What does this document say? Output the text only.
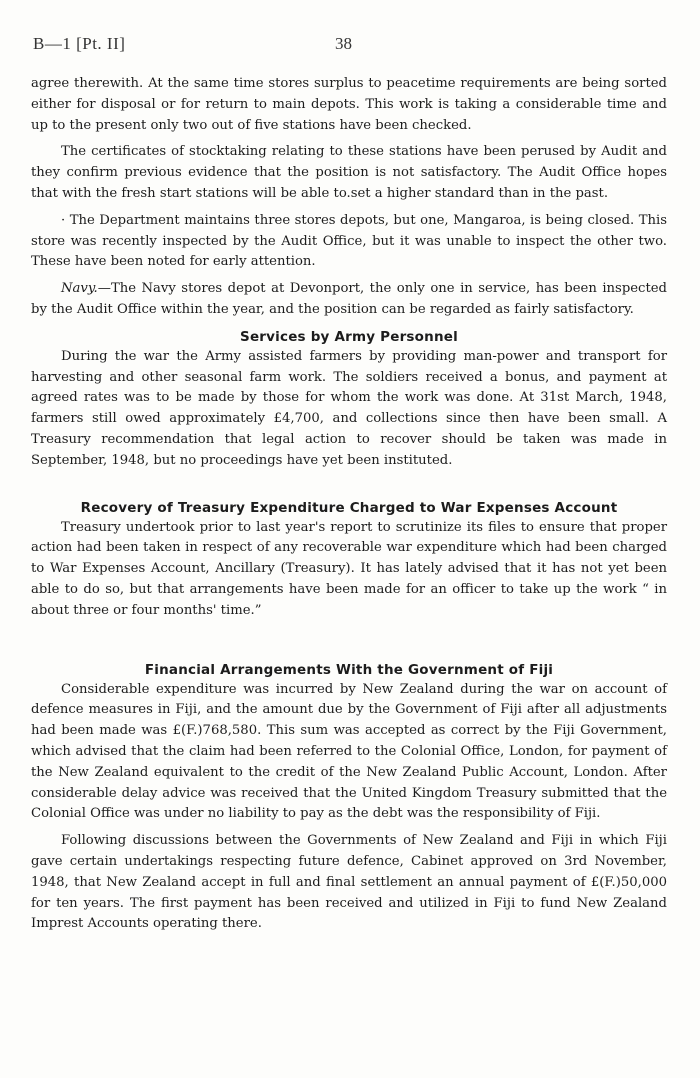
B—1 [Pt. II]	38

agree therewith. At the same time stores surplus to peacetime requirements are being sorted either for disposal or for return to main depots. This work is taking a considerable time and up to the present only two out of five stations have been checked.

The certificates of stocktaking relating to these stations have been perused by Audit and they confirm previous evidence that the position is not satisfactory. The Audit Office hopes that with the fresh start stations will be able to.set a higher standard than in the past.

· The Department maintains three stores depots, but one, Mangaroa, is being closed. This store was recently inspected by the Audit Office, but it was unable to inspect the other two. These have been noted for early attention.

Navy.—The Navy stores depot at Devonport, the only one in service, has been inspected by the Audit Office within the year, and the position can be regarded as fairly satisfactory.

Services by Army Personnel

During the war the Army assisted farmers by providing man-power and transport for harvesting and other seasonal farm work. The soldiers received a bonus, and payment at agreed rates was to be made by those for whom the work was done. At 31st March, 1948, farmers still owed approximately £4,700, and collections since then have been small. A Treasury recommendation that legal action to recover should be taken was made in September, 1948, but no proceedings have yet been instituted.

Recovery of Treasury Expenditure Charged to War Expenses Account

Treasury undertook prior to last year's report to scrutinize its files to ensure that proper action had been taken in respect of any recoverable war expenditure which had been charged to War Expenses Account, Ancillary (Treasury). It has lately advised that it has not yet been able to do so, but that arrangements have been made for an officer to take up the work “ in about three or four months' time.”

Financial Arrangements With the Government of Fiji

Considerable expenditure was incurred by New Zealand during the war on account of defence measures in Fiji, and the amount due by the Government of Fiji after all adjustments had been made was £(F.)768,580. This sum was accepted as correct by the Fiji Government, which advised that the claim had been referred to the Colonial Office, London, for payment of the New Zealand equivalent to the credit of the New Zealand Public Account, London. After considerable delay advice was received that the United Kingdom Treasury submitted that the Colonial Office was under no liability to pay as the debt was the responsibility of Fiji.

Following discussions between the Governments of New Zealand and Fiji in which Fiji gave certain undertakings respecting future defence, Cabinet approved on 3rd November, 1948, that New Zealand accept in full and final settlement an annual payment of £(F.)50,000 for ten years. The first payment has been received and utilized in Fiji to fund New Zealand Imprest Accounts operating there.
